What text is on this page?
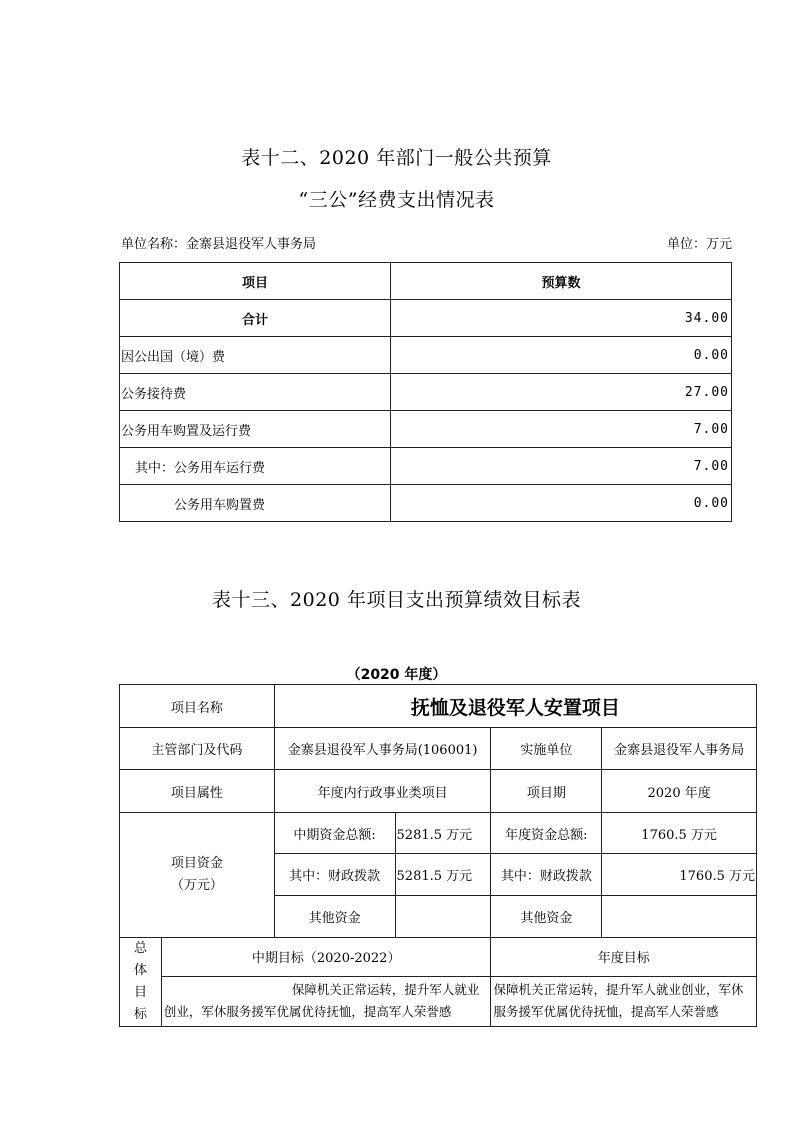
表十二、2020 年部门一般公共预算
“三公”经费支出情况表
单位名称：金寨县退役军人事务局	单位：万元
项目	预算数
合计	34.00
因公出国（境）费	0.00
公务接待费	27.00
公务用车购置及运行费	7.00
其中：公务用车运行费	7.00
公务用车购置费	0.00
表十三、2020 年项目支出预算绩效目标表
（2020 年度）
项目名称		抚恤及退役军人安置项目			
主管部门及代码		金寨县退役军人事务局(106001)		实施单位	金寨县退役军人事务局
项目属性		年度内行政事业类项目		项目期	2020 年度

项目资金
（万元）		中期资金总额:	5281.5 万元	年度资金总额:	1760.5 万元
		其中：财政拨款	5281.5 万元	其中：财政拨款	1760.5 万元
		其他资金		其他资金	

总
体
目
标	中期目标（2020-2022）			年度目标	

	保障机关正常运转，提升军人就业创业，军休服务援军优属优待抚恤，提高军人荣誉感			保障机关正常运转，提升军人就业创业，军休服务援军优属优待抚恤，提高军人荣誉感	
